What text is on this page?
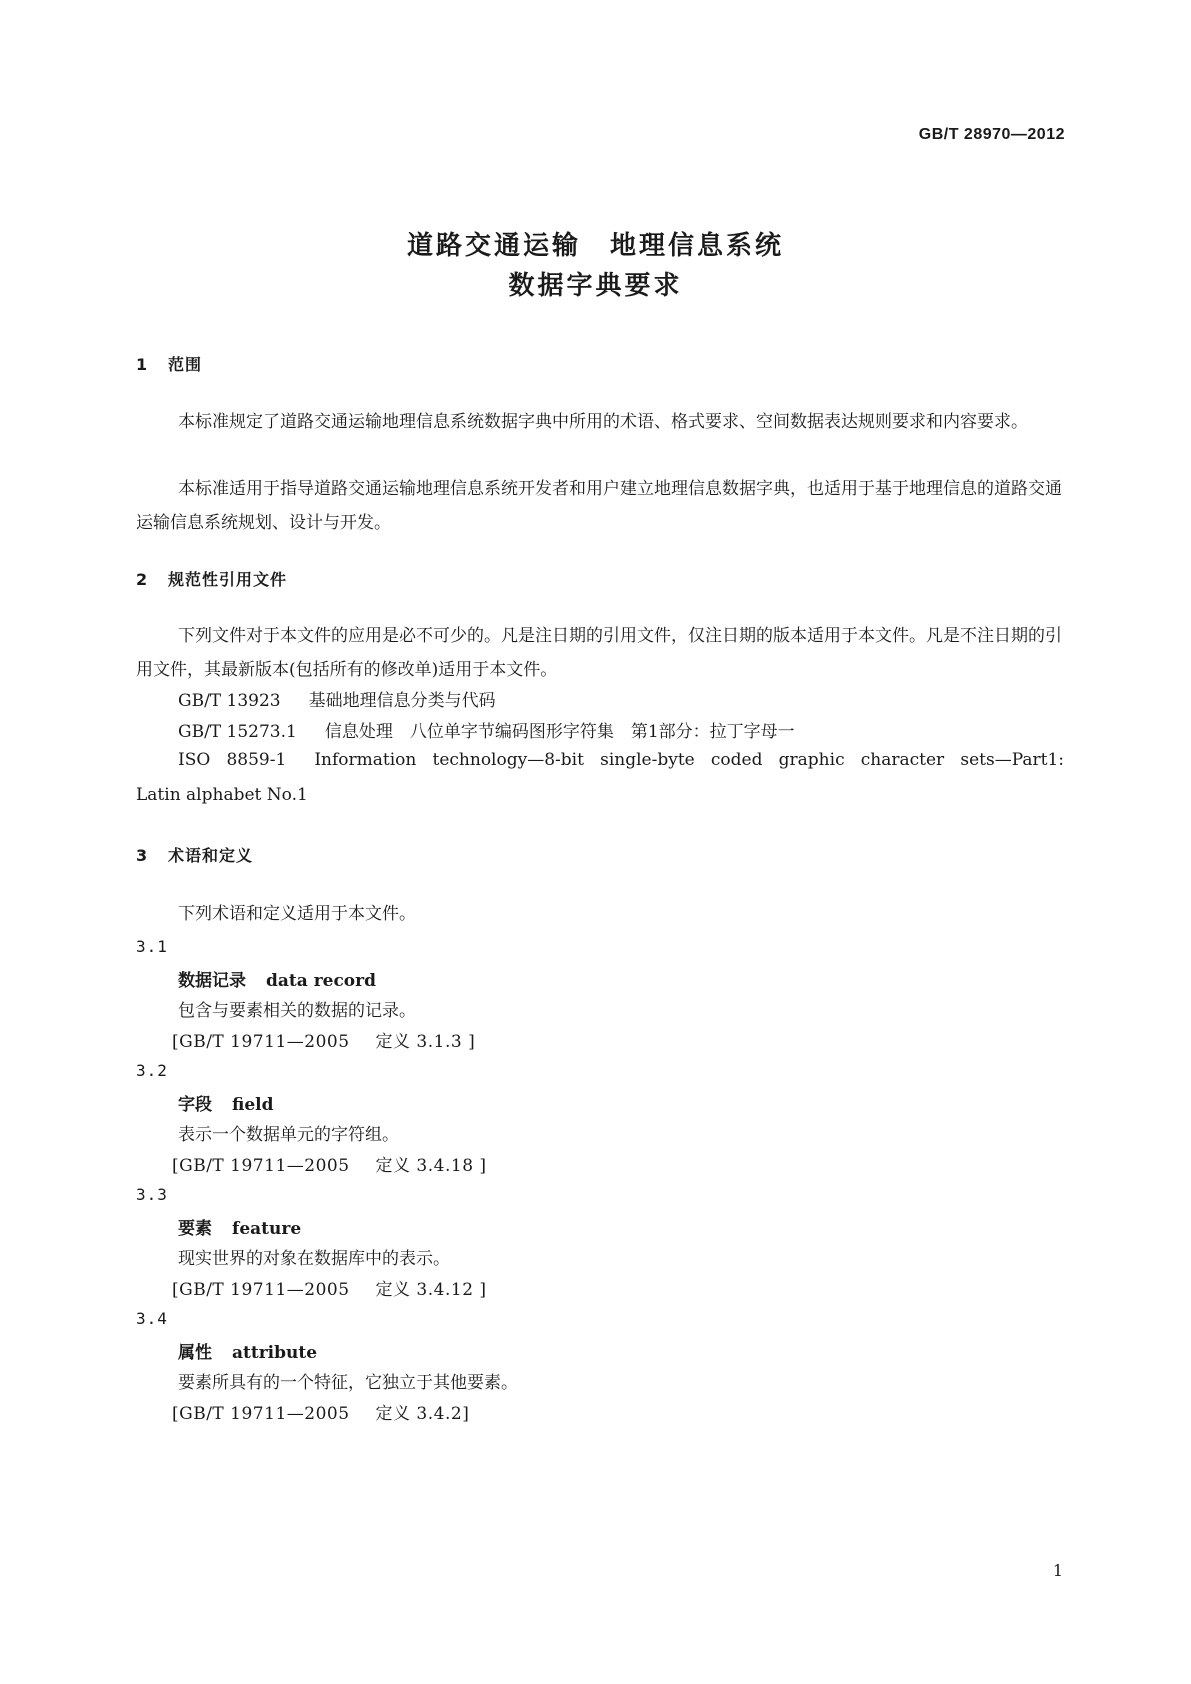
GB/T 28970—2012
道路交通运输　地理信息系统
数据字典要求
1 范围
本标准规定了道路交通运输地理信息系统数据字典中所用的术语、格式要求、空间数据表达规则要求和内容要求。
本标准适用于指导道路交通运输地理信息系统开发者和用户建立地理信息数据字典，也适用于基于地理信息的道路交通运输信息系统规划、设计与开发。
2 规范性引用文件
下列文件对于本文件的应用是必不可少的。凡是注日期的引用文件，仅注日期的版本适用于本文件。凡是不注日期的引用文件，其最新版本(包括所有的修改单)适用于本文件。
GB/T 13923 基础地理信息分类与代码
GB/T 15273.1 信息处理　八位单字节编码图形字符集　第1部分：拉丁字母一
ISO 8859-1 Information technology—8-bit single-byte coded graphic character sets—Part1:
Latin alphabet No.1
3 术语和定义
下列术语和定义适用于本文件。
3.1
数据记录 data record
包含与要素相关的数据的记录。
[GB/T 19711—2005 定义 3.1.3 ]
3.2
字段 field
表示一个数据单元的字符组。
[GB/T 19711—2005 定义 3.4.18 ]
3.3
要素 feature
现实世界的对象在数据库中的表示。
[GB/T 19711—2005 定义 3.4.12 ]
3.4
属性 attribute
要素所具有的一个特征，它独立于其他要素。
[GB/T 19711—2005 定义 3.4.2]
1
